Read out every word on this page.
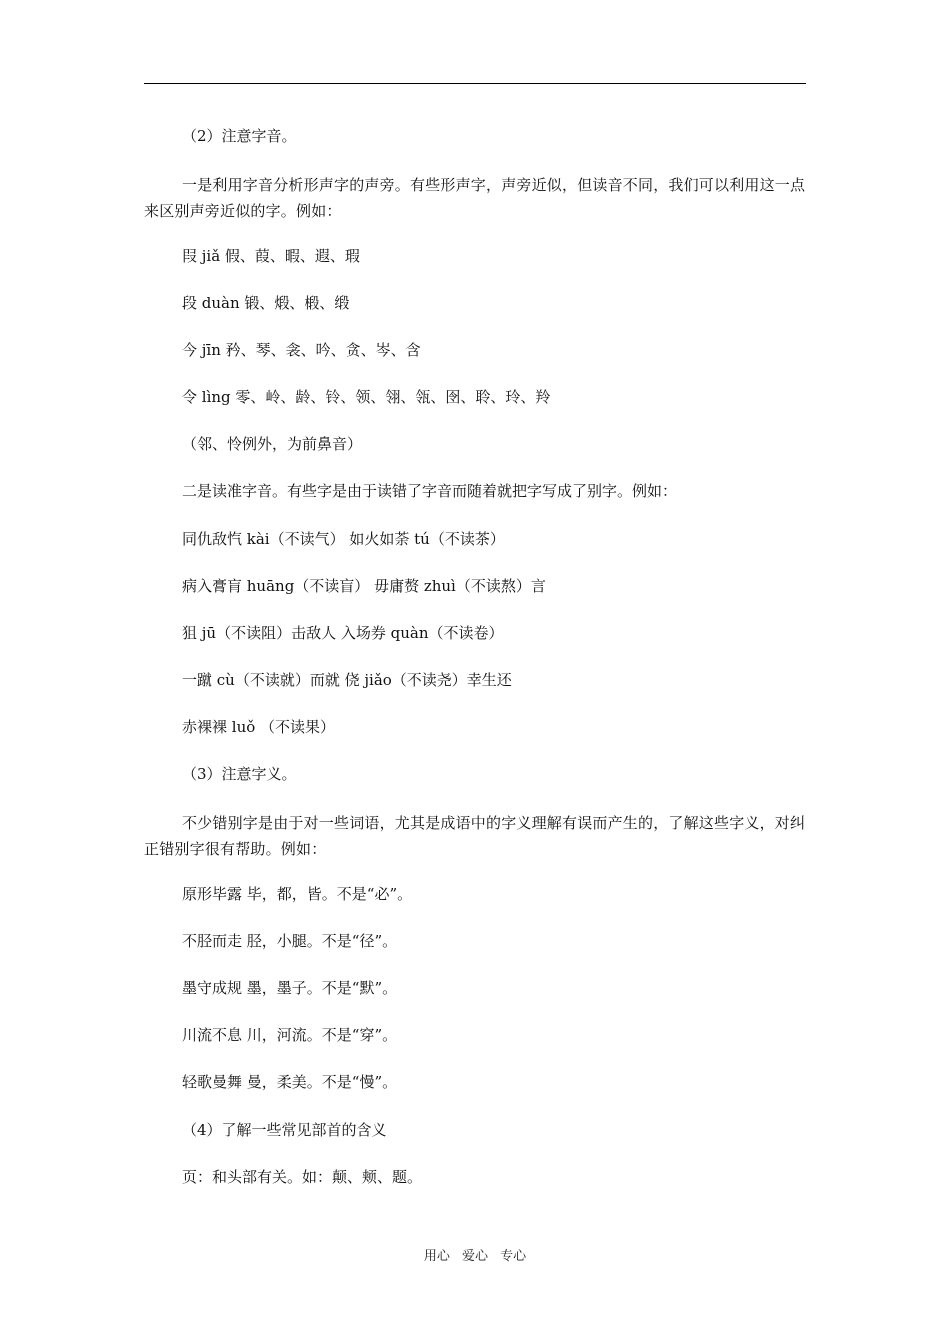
（2）注意字音。
一是利用字音分析形声字的声旁。有些形声字，声旁近似，但读音不同，我们可以利用这一点来区别声旁近似的字。例如：
叚 jiǎ 假、葭、暇、遐、瑕
段 duàn 锻、煅、椴、缎
今 jīn 矜、琴、衾、吟、贪、岑、含
令 lìng 零、岭、龄、铃、领、翎、瓴、囹、聆、玲、羚
（邻、怜例外，为前鼻音）
二是读准字音。有些字是由于读错了字音而随着就把字写成了别字。例如：
同仇敌忾 kài（不读气） 如火如荼 tú（不读茶）
病入膏肓 huāng（不读盲） 毋庸赘 zhuì（不读熬）言
狙 jū（不读阻）击敌人 入场券 quàn（不读卷）
一蹴 cù（不读就）而就 侥 jiǎo（不读尧）幸生还
赤裸裸 luǒ （不读果）
（3）注意字义。
不少错别字是由于对一些词语，尤其是成语中的字义理解有误而产生的，了解这些字义，对纠正错别字很有帮助。例如：
原形毕露 毕，都，皆。不是“必”。
不胫而走 胫，小腿。不是“径”。
墨守成规 墨，墨子。不是“默”。
川流不息 川，河流。不是“穿”。
轻歌曼舞 曼，柔美。不是“慢”。
（4）了解一些常见部首的含义
页：和头部有关。如：颠、颊、题。
用心 爱心 专心
